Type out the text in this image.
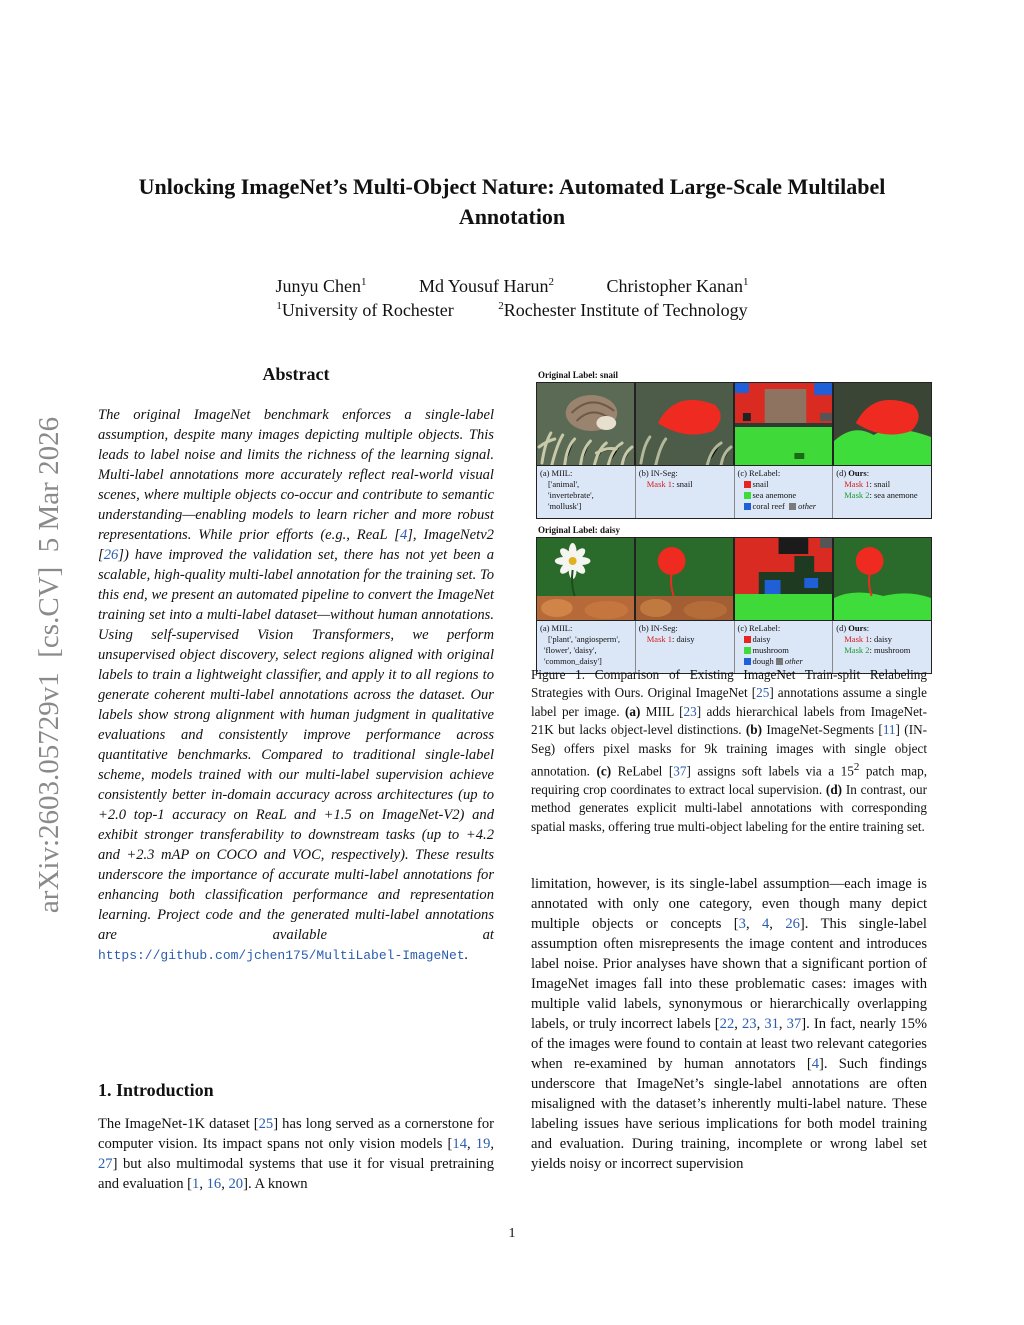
arXiv:2603.05729v1  [cs.CV]  5 Mar 2026
Unlocking ImageNet’s Multi-Object Nature: Automated Large-Scale Multilabel
Annotation
Junyu Chen$^1$	Md Yousuf Harun$^2$	Christopher Kanan$^1$
$^1$University of Rochester	$^2$Rochester Institute of Technology
Abstract
The original ImageNet benchmark enforces a single-label assumption, despite many images depicting multiple objects. This leads to label noise and limits the richness of the learning signal. Multi-label annotations more accurately reflect real-world visual scenes, where multiple objects co-occur and contribute to semantic understanding—enabling models to learn richer and more robust representations. While prior efforts (e.g., ReaL [4], ImageNetv2 [26]) have improved the validation set, there has not yet been a scalable, high-quality multi-label annotation for the training set. To this end, we present an automated pipeline to convert the ImageNet training set into a multi-label dataset—without human annotations. Using self-supervised Vision Transformers, we perform unsupervised object discovery, select regions aligned with original labels to train a lightweight classifier, and apply it to all regions to generate coherent multi-label annotations across the dataset. Our labels show strong alignment with human judgment in qualitative evaluations and consistently improve performance across quantitative benchmarks. Compared to traditional single-label scheme, models trained with our multi-label supervision achieve consistently better in-domain accuracy across architectures (up to +2.0 top-1 accuracy on ReaL and +1.5 on ImageNet-V2) and exhibit stronger transferability to downstream tasks (up to +4.2 and +2.3 mAP on COCO and VOC, respectively). These results underscore the importance of accurate multi-label annotations for enhancing both classification performance and representation learning. Project code and the generated multi-label annotations are available at https://github.com/jchen175/MultiLabel-ImageNet.
1. Introduction
The ImageNet-1K dataset [25] has long served as a cornerstone for computer vision. Its impact spans not only vision models [14, 19, 27] but also multimodal systems that use it for visual pretraining and evaluation [1, 16, 20]. A known
Original Label: snail
(a) MIIL:
['animal',
'invertebrate',
'mollusk']
(b) IN-Seg:
Mask 1: snail
(c) ReLabel:
snail
sea anemone
coral reef other
(d) Ours:
Mask 1: snail
Mask 2: sea anemone
Original Label: daisy
(a) MIIL:
['plant', 'angiosperm',
'flower', 'daisy',
'common_daisy']
(b) IN-Seg:
Mask 1: daisy
(c) ReLabel:
daisy
mushroom
dough other
(d) Ours:
Mask 1: daisy
Mask 2: mushroom
Figure 1. Comparison of Existing ImageNet Train-split Relabeling Strategies with Ours. Original ImageNet [25] annotations assume a single label per image. (a) MIIL [23] adds hierarchical labels from ImageNet-21K but lacks object-level distinctions. (b) ImageNet-Segments [11] (IN-Seg) offers pixel masks for 9k training images with single object annotation. (c) ReLabel [37] assigns soft labels via a $15^2$ patch map, requiring crop coordinates to extract local supervision. (d) In contrast, our method generates explicit multi-label annotations with corresponding spatial masks, offering true multi-object labeling for the entire training set.
limitation, however, is its single-label assumption—each image is annotated with only one category, even though many depict multiple objects or concepts [3, 4, 26]. This single-label assumption often misrepresents the image content and introduces label noise. Prior analyses have shown that a significant portion of ImageNet images fall into these problematic cases: images with multiple valid labels, synonymous or hierarchically overlapping labels, or truly incorrect labels [22, 23, 31, 37]. In fact, nearly 15% of the images were found to contain at least two relevant categories when re-examined by human annotators [4]. Such findings underscore that ImageNet’s single-label annotations are often misaligned with the dataset’s inherently multi-label nature. These labeling issues have serious implications for both model training and evaluation. During training, incomplete or wrong label set yields noisy or incorrect supervision
1
